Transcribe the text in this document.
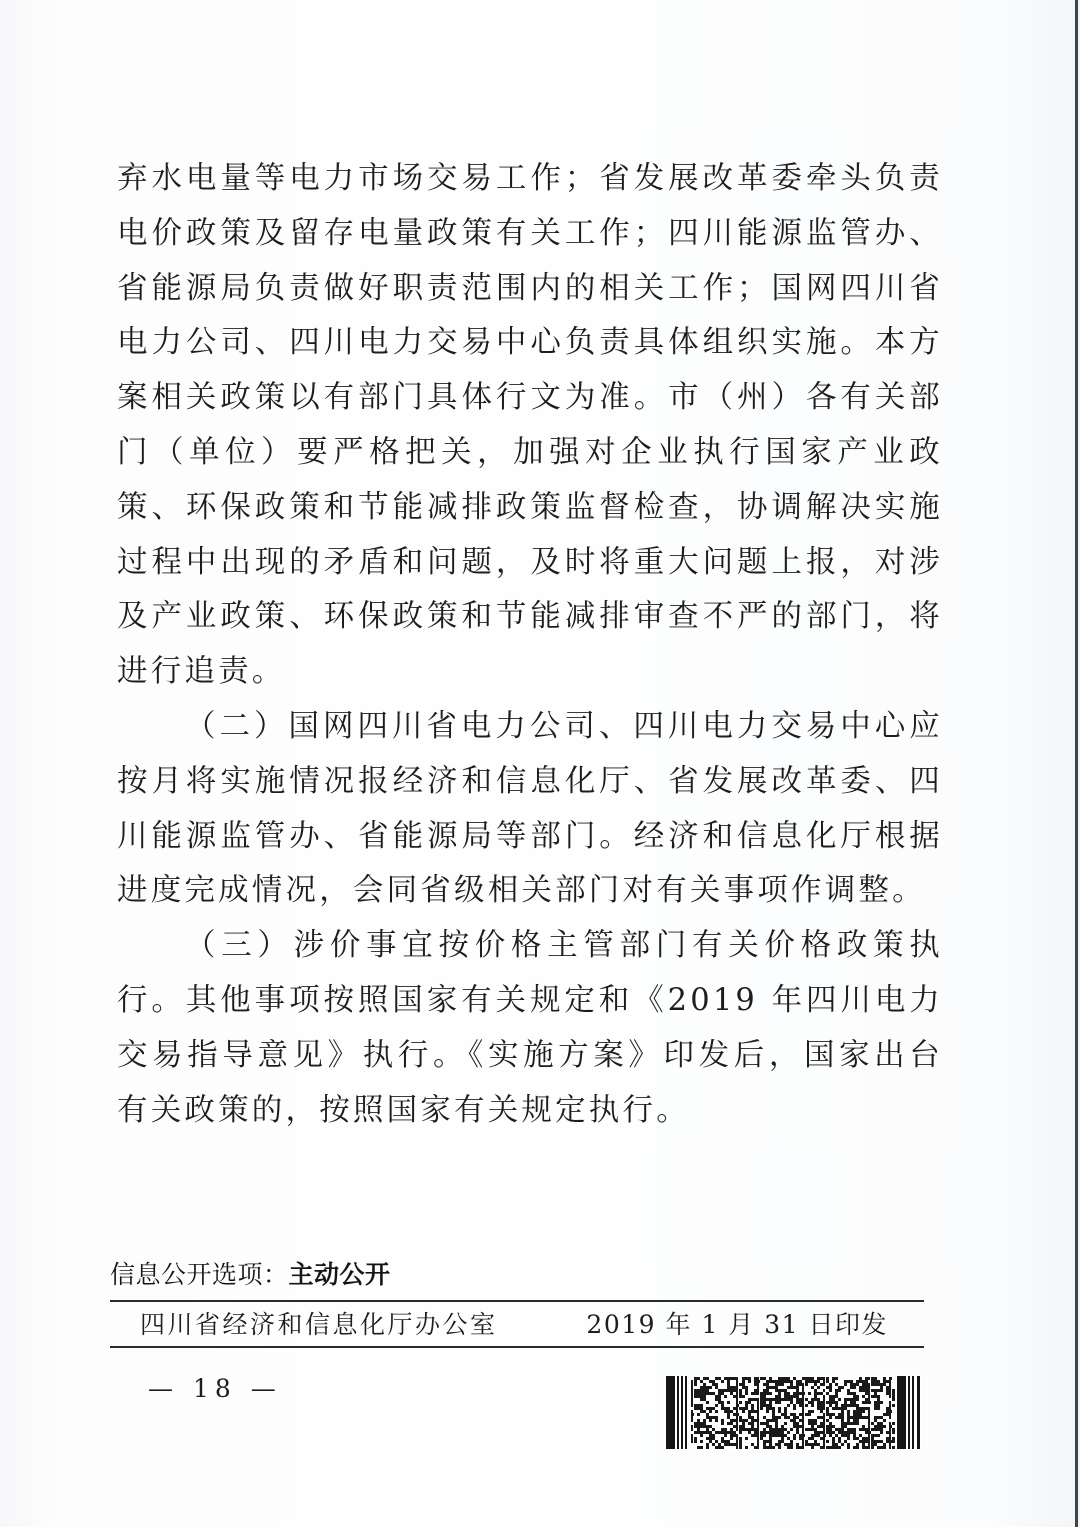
弃水电量等电力市场交易工作；省发展改革委牵头负责电价政策及留存电量政策有关工作；四川能源监管办、省能源局负责做好职责范围内的相关工作；国网四川省电力公司、四川电力交易中心负责具体组织实施。本方案相关政策以有部门具体行文为准。市（州）各有关部门（单位）要严格把关，加强对企业执行国家产业政策、环保政策和节能减排政策监督检查，协调解决实施过程中出现的矛盾和问题，及时将重大问题上报，对涉及产业政策、环保政策和节能减排审查不严的部门，将进行追责。

（二）国网四川省电力公司、四川电力交易中心应按月将实施情况报经济和信息化厅、省发展改革委、四川能源监管办、省能源局等部门。经济和信息化厅根据进度完成情况，会同省级相关部门对有关事项作调整。

（三）涉价事宜按价格主管部门有关价格政策执行。其他事项按照国家有关规定和《2019 年四川电力交易指导意见》执行。《实施方案》印发后，国家出台有关政策的，按照国家有关规定执行。

信息公开选项：主动公开
四川省经济和信息化厅办公室	2019 年 1 月 31 日印发
— 18 —
